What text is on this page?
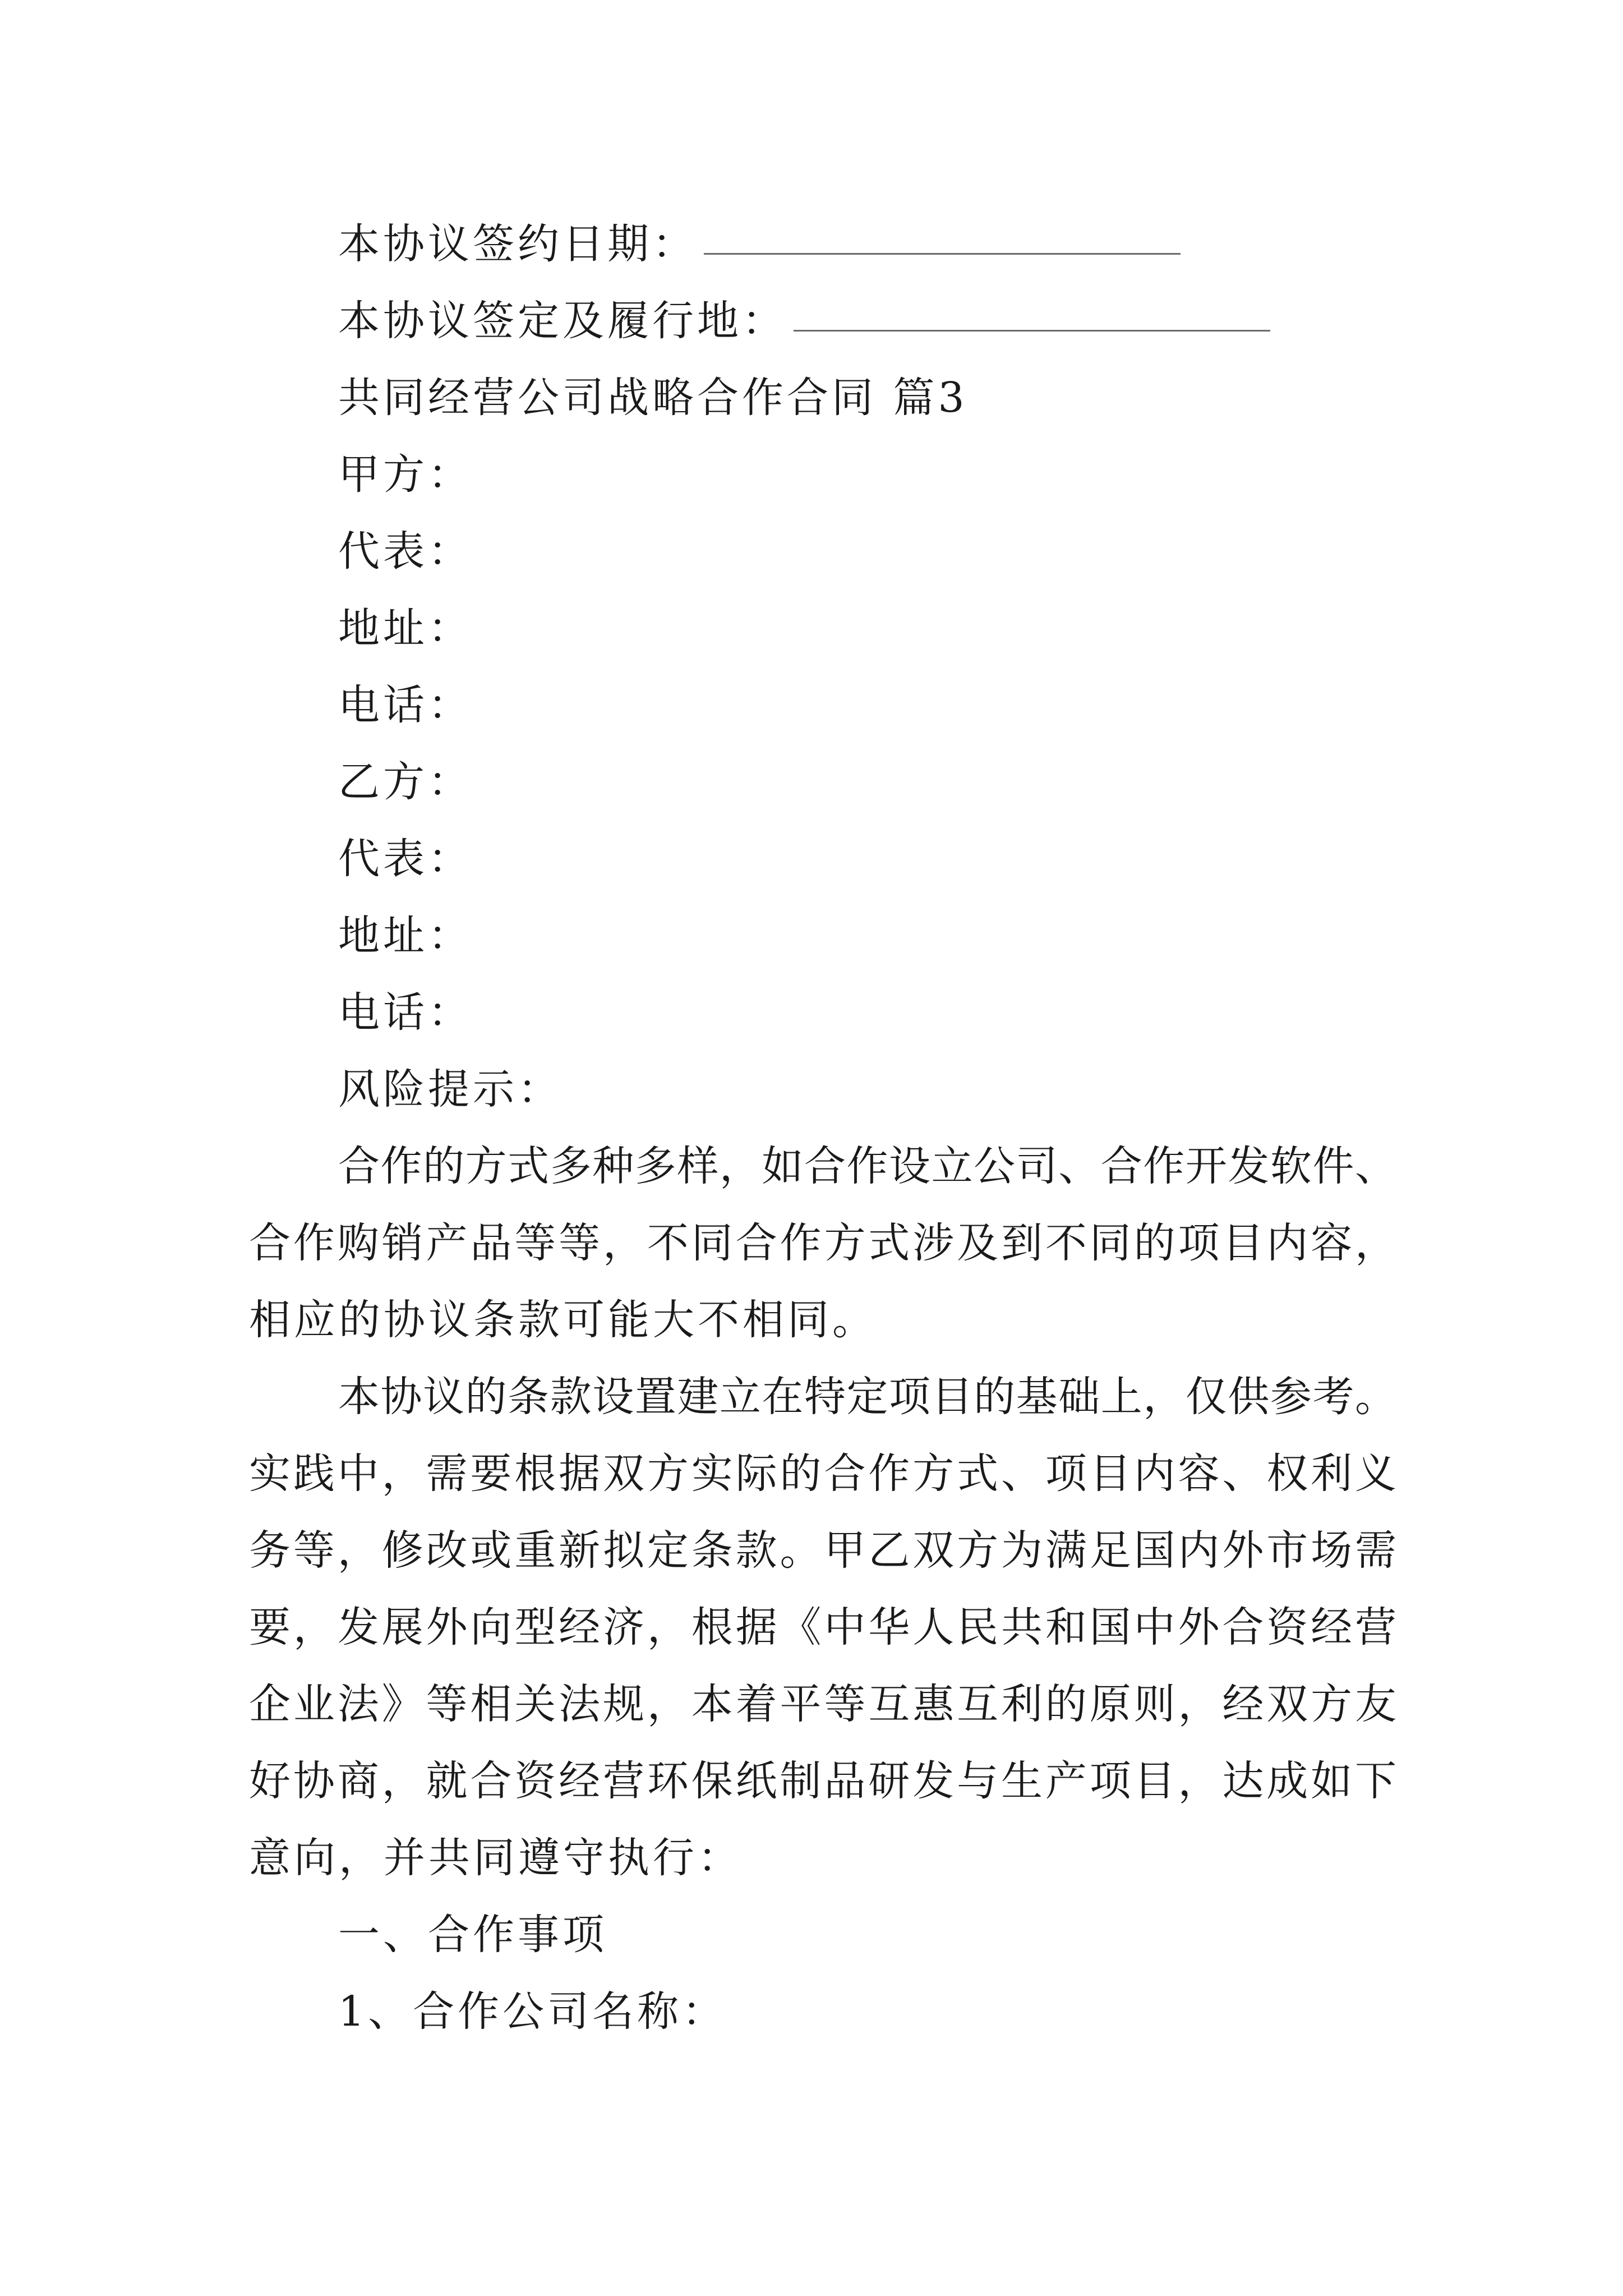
本协议签约日期：
本协议签定及履行地：
共同经营公司战略合作合同 篇3
甲方：
代表：
地址：
电话：
乙方：
代表：
地址：
电话：
风险提示：
合作的方式多种多样，如合作设立公司、合作开发软件、
合作购销产品等等，不同合作方式涉及到不同的项目内容，
相应的协议条款可能大不相同。
本协议的条款设置建立在特定项目的基础上，仅供参考。
实践中，需要根据双方实际的合作方式、项目内容、权利义
务等，修改或重新拟定条款。甲乙双方为满足国内外市场需
要，发展外向型经济，根据《中华人民共和国中外合资经营
企业法》等相关法规，本着平等互惠互利的原则，经双方友
好协商，就合资经营环保纸制品研发与生产项目，达成如下
意向，并共同遵守执行：
一、合作事项
1、合作公司名称：
